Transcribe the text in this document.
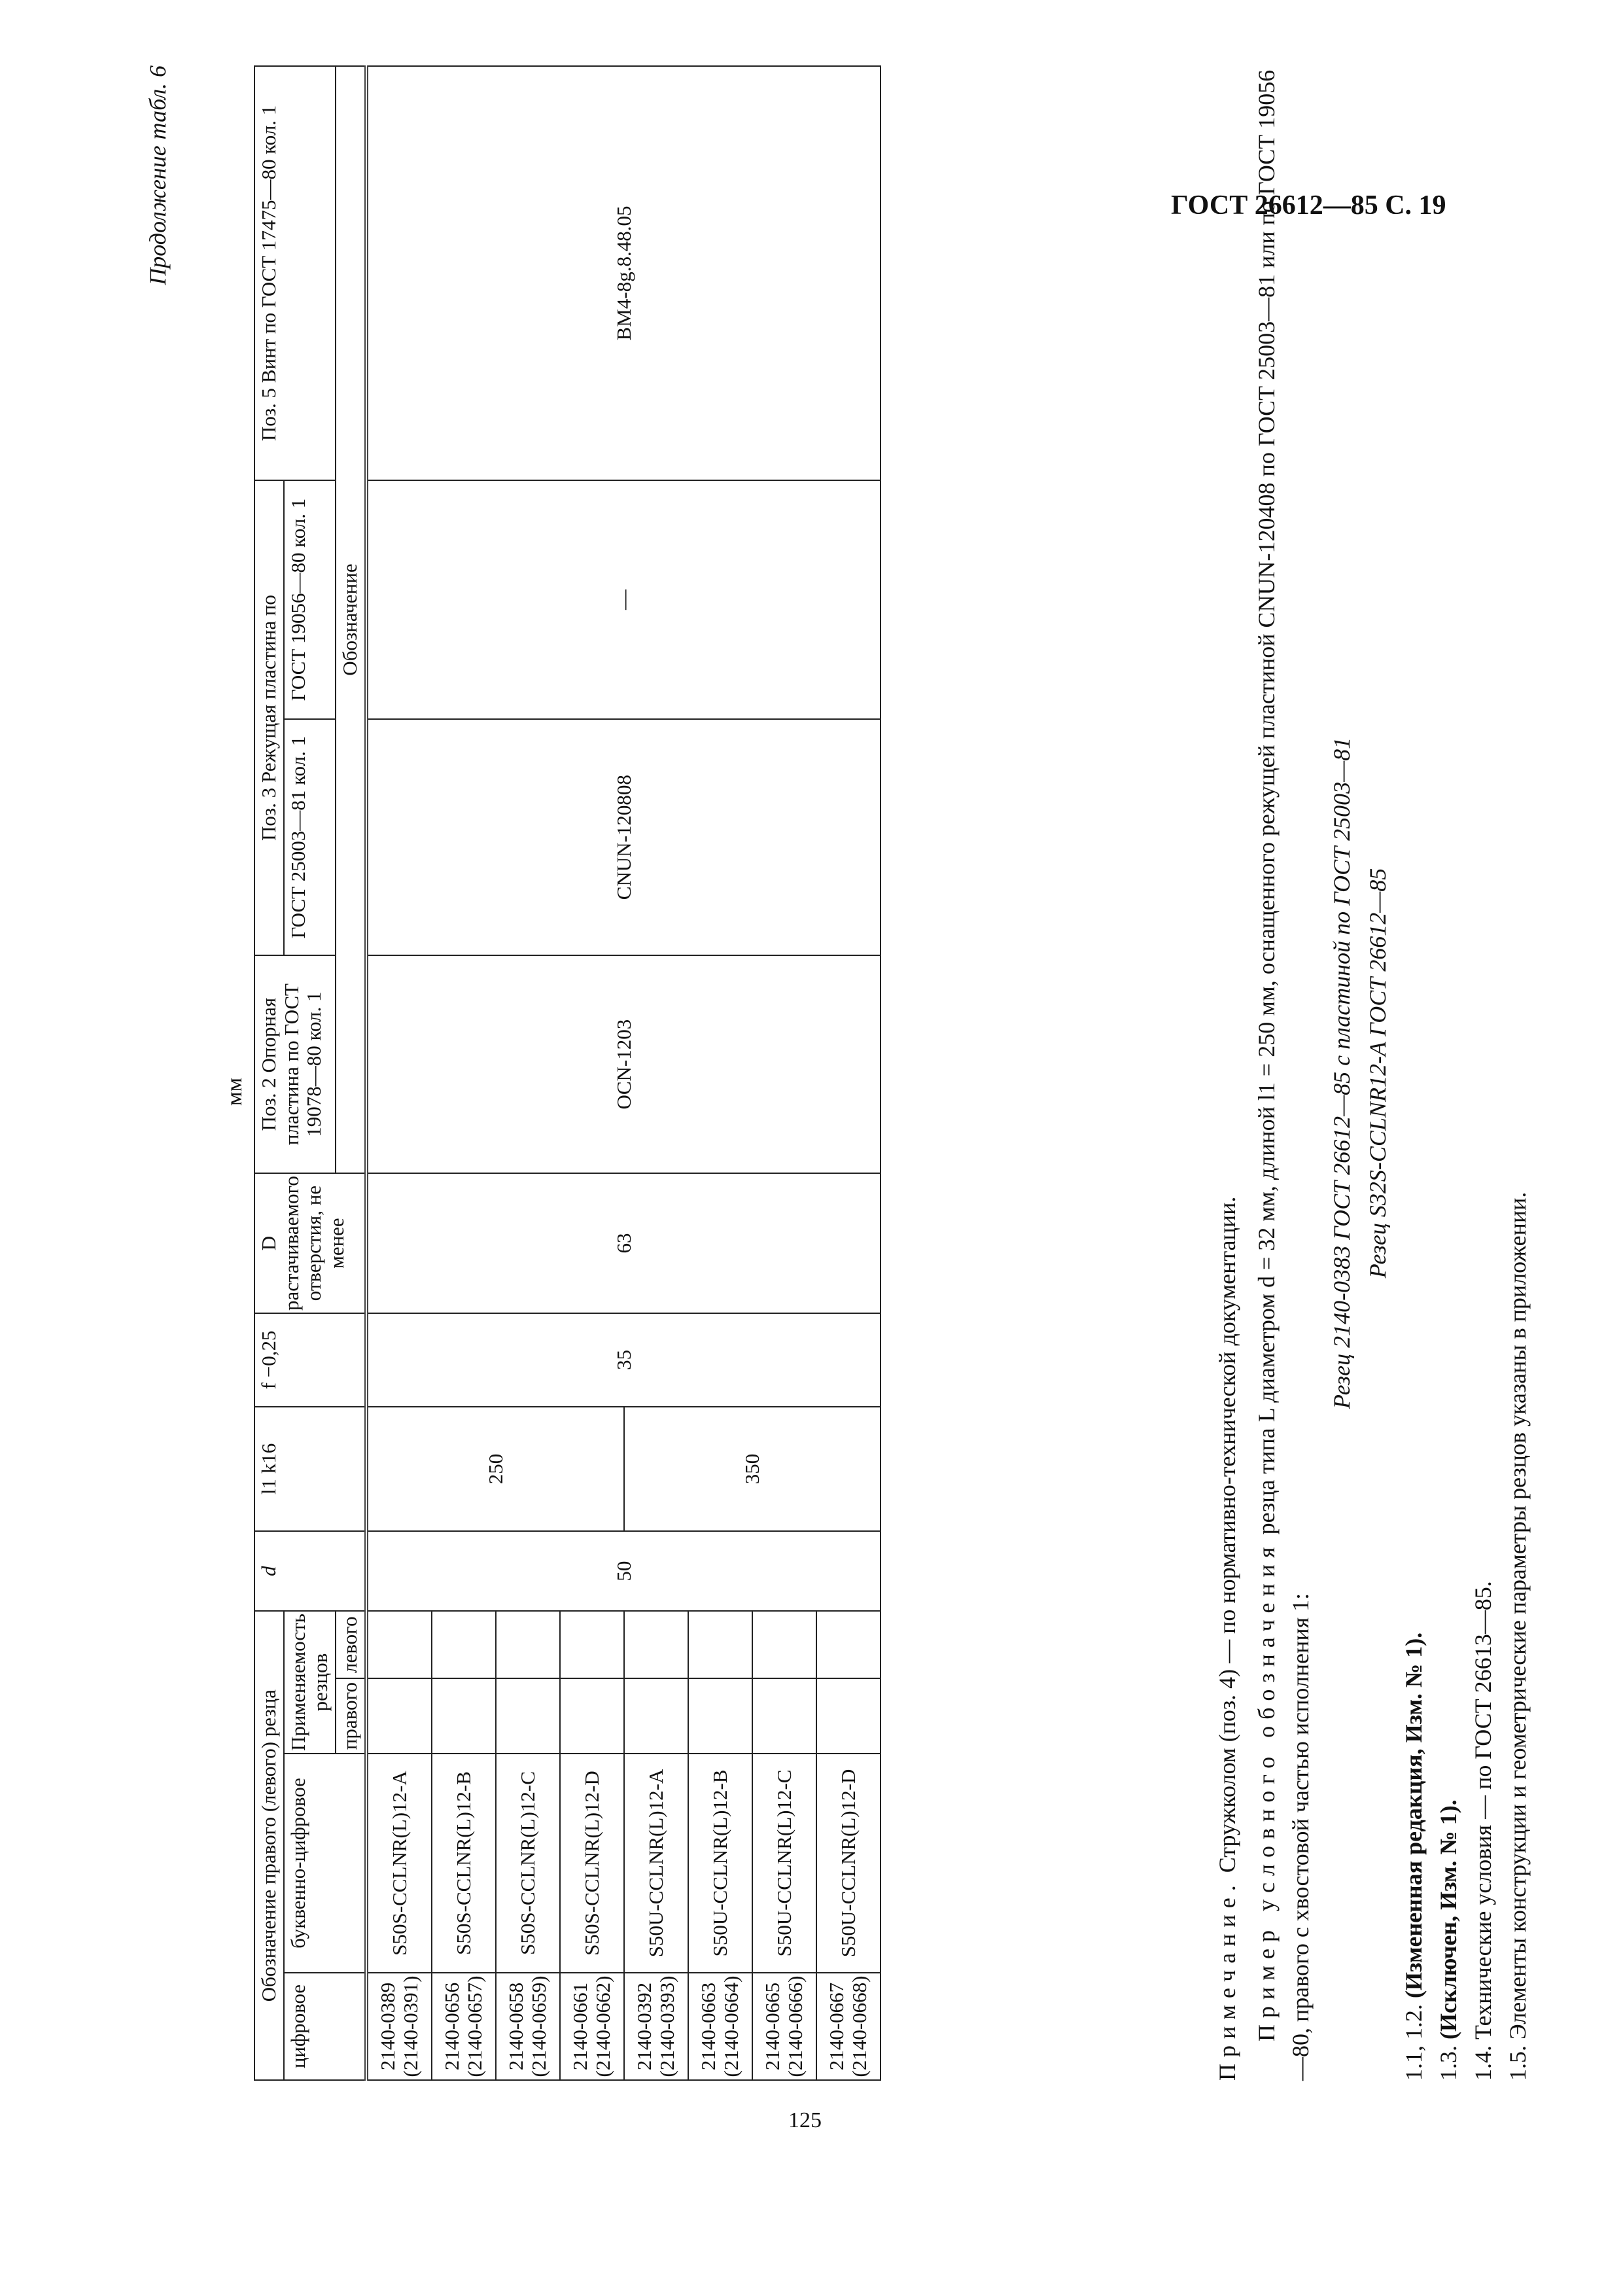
ГОСТ 26612—85 С. 19
125
Продолжение табл. 6
мм
Обозначение правого (левого) резца				d	l1 k16	f −0,25	D растачиваемого отверстия, не менее	Поз. 2 Опорная пластина по ГОСТ 19078—80 кол. 1	Поз. 3 Режущая пластина по		Поз. 5 Винт по ГОСТ 17475—80 кол. 1
цифровое	буквенно-цифровое	Применяемость резцов							ГОСТ 25003—81 кол. 1	ГОСТ 19056—80 кол. 1	
		правого	левого					Обозначение			
2140-0389 (2140-0391)	S50S-CCLNR(L)12-A			50	250	35	63	OCN-1203	CNUN-120808	—	ВМ4-8g.8.48.05
2140-0656 (2140-0657)	S50S-CCLNR(L)12-B										
2140-0658 (2140-0659)	S50S-CCLNR(L)12-C										
2140-0661 (2140-0662)	S50S-CCLNR(L)12-D										
2140-0392 (2140-0393)	S50U-CCLNR(L)12-A				350						
2140-0663 (2140-0664)	S50U-CCLNR(L)12-B										
2140-0665 (2140-0666)	S50U-CCLNR(L)12-C										
2140-0667 (2140-0668)	S50U-CCLNR(L)12-D										
Примечание. Стружколом (поз. 4) — по нормативно-технической документации. Пример условного обозначения резца типа L диаметром d = 32 мм, длиной l1 = 250 мм, оснащенного режущей пластиной CNUN-120408 по ГОСТ 25003—81 или по ГОСТ 19056—80, правого с хвостовой частью исполнения 1:
Резец 2140-0383 ГОСТ 26612—85 с пластиной по ГОСТ 25003—81 Резец S32S-CCLNR12-A ГОСТ 26612—85
1.1, 1.2. (Измененная редакция, Изм. № 1).
1.3. (Исключен, Изм. № 1). 1.4. Технические условия — по ГОСТ 26613—85. 1.5. Элементы конструкции и геометрические параметры резцов указаны в приложении.
